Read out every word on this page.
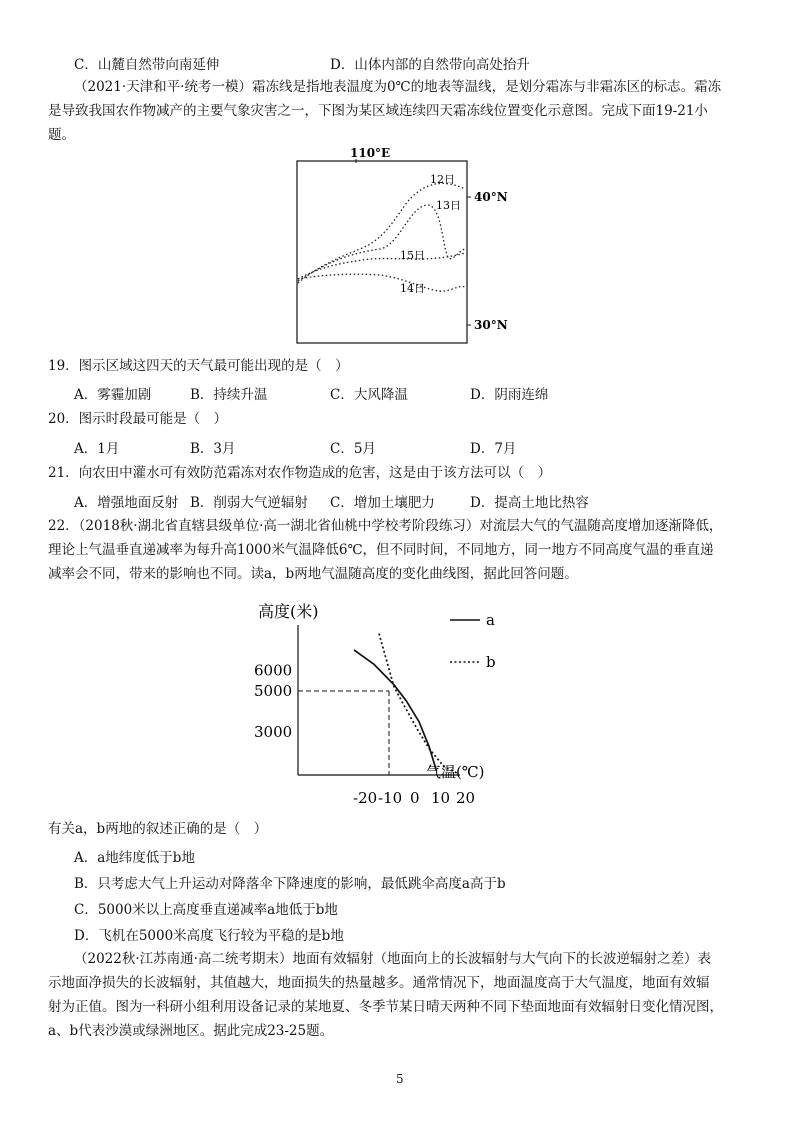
C．山麓自然带向南延伸	D．山体内部的自然带向高处抬升
（2021·天津和平·统考一模）霜冻线是指地表温度为0℃的地表等温线，是划分霜冻与非霜冻区的标志。霜冻
是导致我国农作物减产的主要气象灾害之一，下图为某区域连续四天霜冻线位置变化示意图。完成下面19-21小
题。
110°E
40°N
30°N
12日
13日
15日
14日
19．图示区域这四天的天气最可能出现的是（　）
A．雾霾加剧	B．持续升温	C．大风降温	D．阴雨连绵
20．图示时段最可能是（　）
A．1月	B．3月	C．5月	D．7月
21．向农田中灌水可有效防范霜冻对农作物造成的危害，这是由于该方法可以（　）
A．增强地面反射 B．削弱大气逆辐射 C．增加土壤肥力	D．提高土地比热容
22．（2018秋·湖北省直辖县级单位·高一湖北省仙桃中学校考阶段练习）对流层大气的气温随高度增加逐渐降低，
理论上气温垂直递减率为每升高1000米气温降低6℃，但不同时间，不同地方，同一地方不同高度气温的垂直递
减率会不同，带来的影响也不同。读a，b两地气温随高度的变化曲线图，据此回答问题。
高度(米)
气温(℃)
-20 -10 0 10 20
6000
5000
3000
a
b
有关a，b两地的叙述正确的是（　）
A．a地纬度低于b地
B．只考虑大气上升运动对降落伞下降速度的影响，最低跳伞高度a高于b
C．5000米以上高度垂直递减率a地低于b地
D．飞机在5000米高度飞行较为平稳的是b地
（2022秋·江苏南通·高二统考期末）地面有效辐射（地面向上的长波辐射与大气向下的长波逆辐射之差）表
示地面净损失的长波辐射，其值越大，地面损失的热量越多。通常情况下，地面温度高于大气温度，地面有效辐
射为正值。图为一科研小组利用设备记录的某地夏、冬季节某日晴天两种不同下垫面地面有效辐射日变化情况图，
a、b代表沙漠或绿洲地区。据此完成23-25题。
5
